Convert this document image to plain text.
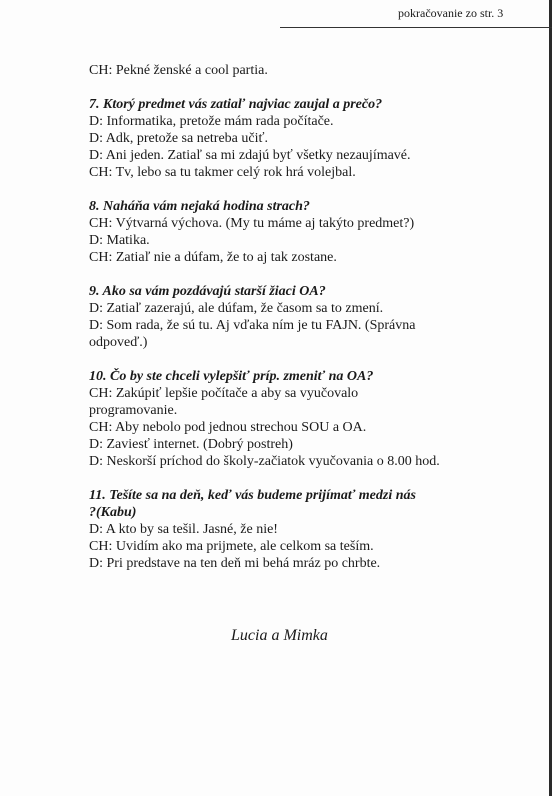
pokračovanie zo str. 3
CH: Pekné ženské a cool partia.
7. Ktorý predmet vás zatiaľ najviac zaujal a prečo?
D: Informatika, pretože mám rada počítače.
D: Adk, pretože sa netreba učiť.
D: Ani jeden. Zatiaľ sa mi zdajú byť všetky nezaujímavé.
CH: Tv, lebo sa tu takmer celý rok hrá volejbal.
8. Naháňa vám nejaká hodina strach?
CH: Výtvarná výchova. (My tu máme aj takýto predmet?)
D: Matika.
CH: Zatiaľ nie a dúfam, že to aj tak zostane.
9. Ako sa vám pozdávajú starší žiaci OA?
D: Zatiaľ zazerajú, ale dúfam, že časom sa to zmení.
D: Som rada, že sú tu. Aj vďaka ním je tu FAJN. (Správna
odpoveď.)
10. Čo by ste chceli vylepšiť príp. zmeniť na OA?
CH: Zakúpiť lepšie počítače a aby sa vyučovalo
programovanie.
CH: Aby nebolo pod jednou strechou SOU a OA.
D: Zaviesť internet. (Dobrý postreh)
D: Neskorší príchod do školy-začiatok vyučovania o 8.00 hod.
11. Tešíte sa na deň, keď vás budeme prijímať medzi nás
?(Kabu)
D: A kto by sa tešil. Jasné, že nie!
CH: Uvidím ako ma prijmete, ale celkom sa teším.
D: Pri predstave na ten deň mi behá mráz po chrbte.
Lucia a Mimka
